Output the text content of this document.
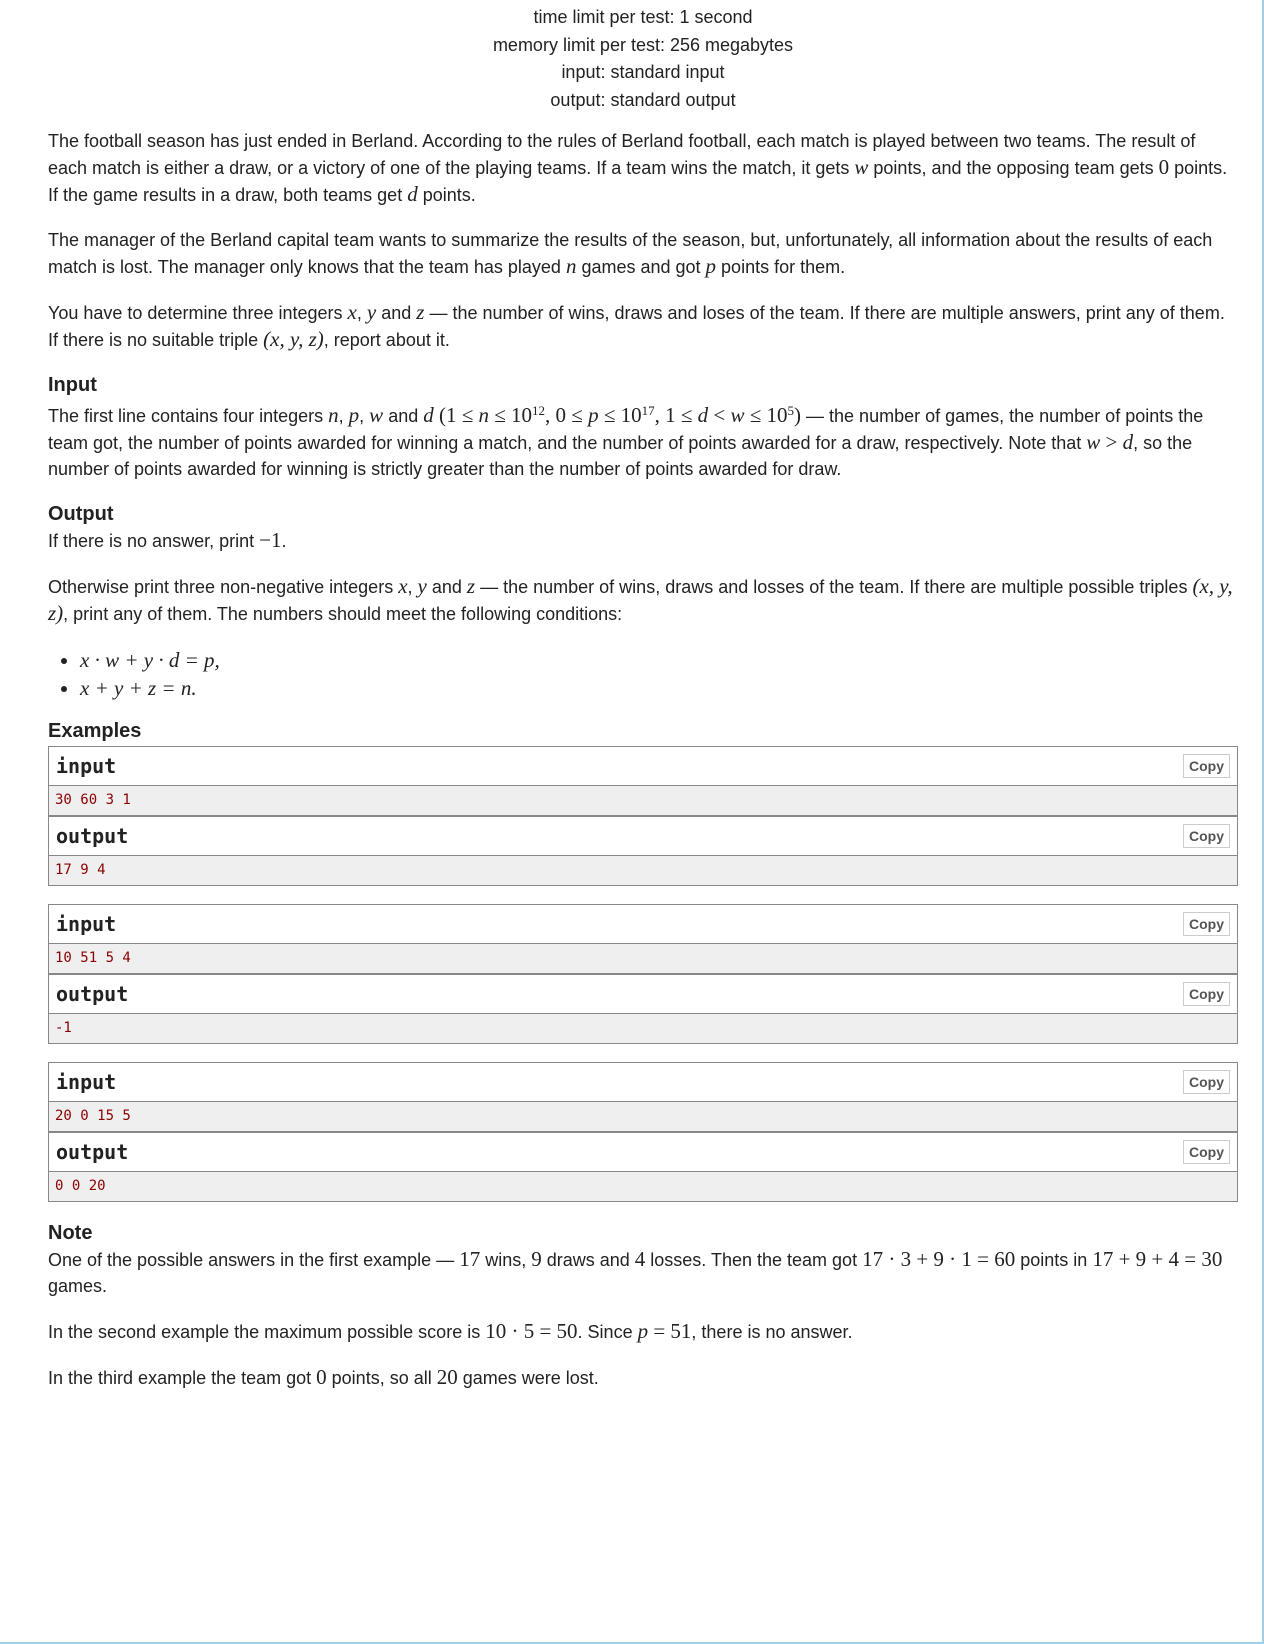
time limit per test: 1 second
memory limit per test: 256 megabytes
input: standard input
output: standard output

The football season has just ended in Berland. According to the rules of Berland football, each match is played between two teams. The result of each match is either a draw, or a victory of one of the playing teams. If a team wins the match, it gets w points, and the opposing team gets 0 points. If the game results in a draw, both teams get d points.

The manager of the Berland capital team wants to summarize the results of the season, but, unfortunately, all information about the results of each match is lost. The manager only knows that the team has played n games and got p points for them.

You have to determine three integers x, y and z — the number of wins, draws and loses of the team. If there are multiple answers, print any of them. If there is no suitable triple (x, y, z), report about it.

Input

The first line contains four integers n, p, w and d ($1 \le n \le 10^{12}$, $0 \le p \le 10^{17}$, $1 \le d < w \le 10^5$) — the number of games, the number of points the team got, the number of points awarded for winning a match, and the number of points awarded for a draw, respectively. Note that w > d, so the number of points awarded for winning is strictly greater than the number of points awarded for draw.

Output

If there is no answer, print −1.

Otherwise print three non-negative integers x, y and z — the number of wins, draws and losses of the team. If there are multiple possible triples (x, y, z), print any of them. The numbers should meet the following conditions:

• x · w + y · d = p,
• x + y + z = n.
Examples
input	Copy
30 60 3 1
output	Copy
17 9 4
input	Copy
10 51 5 4
output	Copy
-1
input	Copy
20 0 15 5
output	Copy
0 0 20
Note

One of the possible answers in the first example — 17 wins, 9 draws and 4 losses. Then the team got 17 · 3 + 9 · 1 = 60 points in 17 + 9 + 4 = 30 games.

In the second example the maximum possible score is 10 · 5 = 50. Since p = 51, there is no answer.

In the third example the team got 0 points, so all 20 games were lost.
